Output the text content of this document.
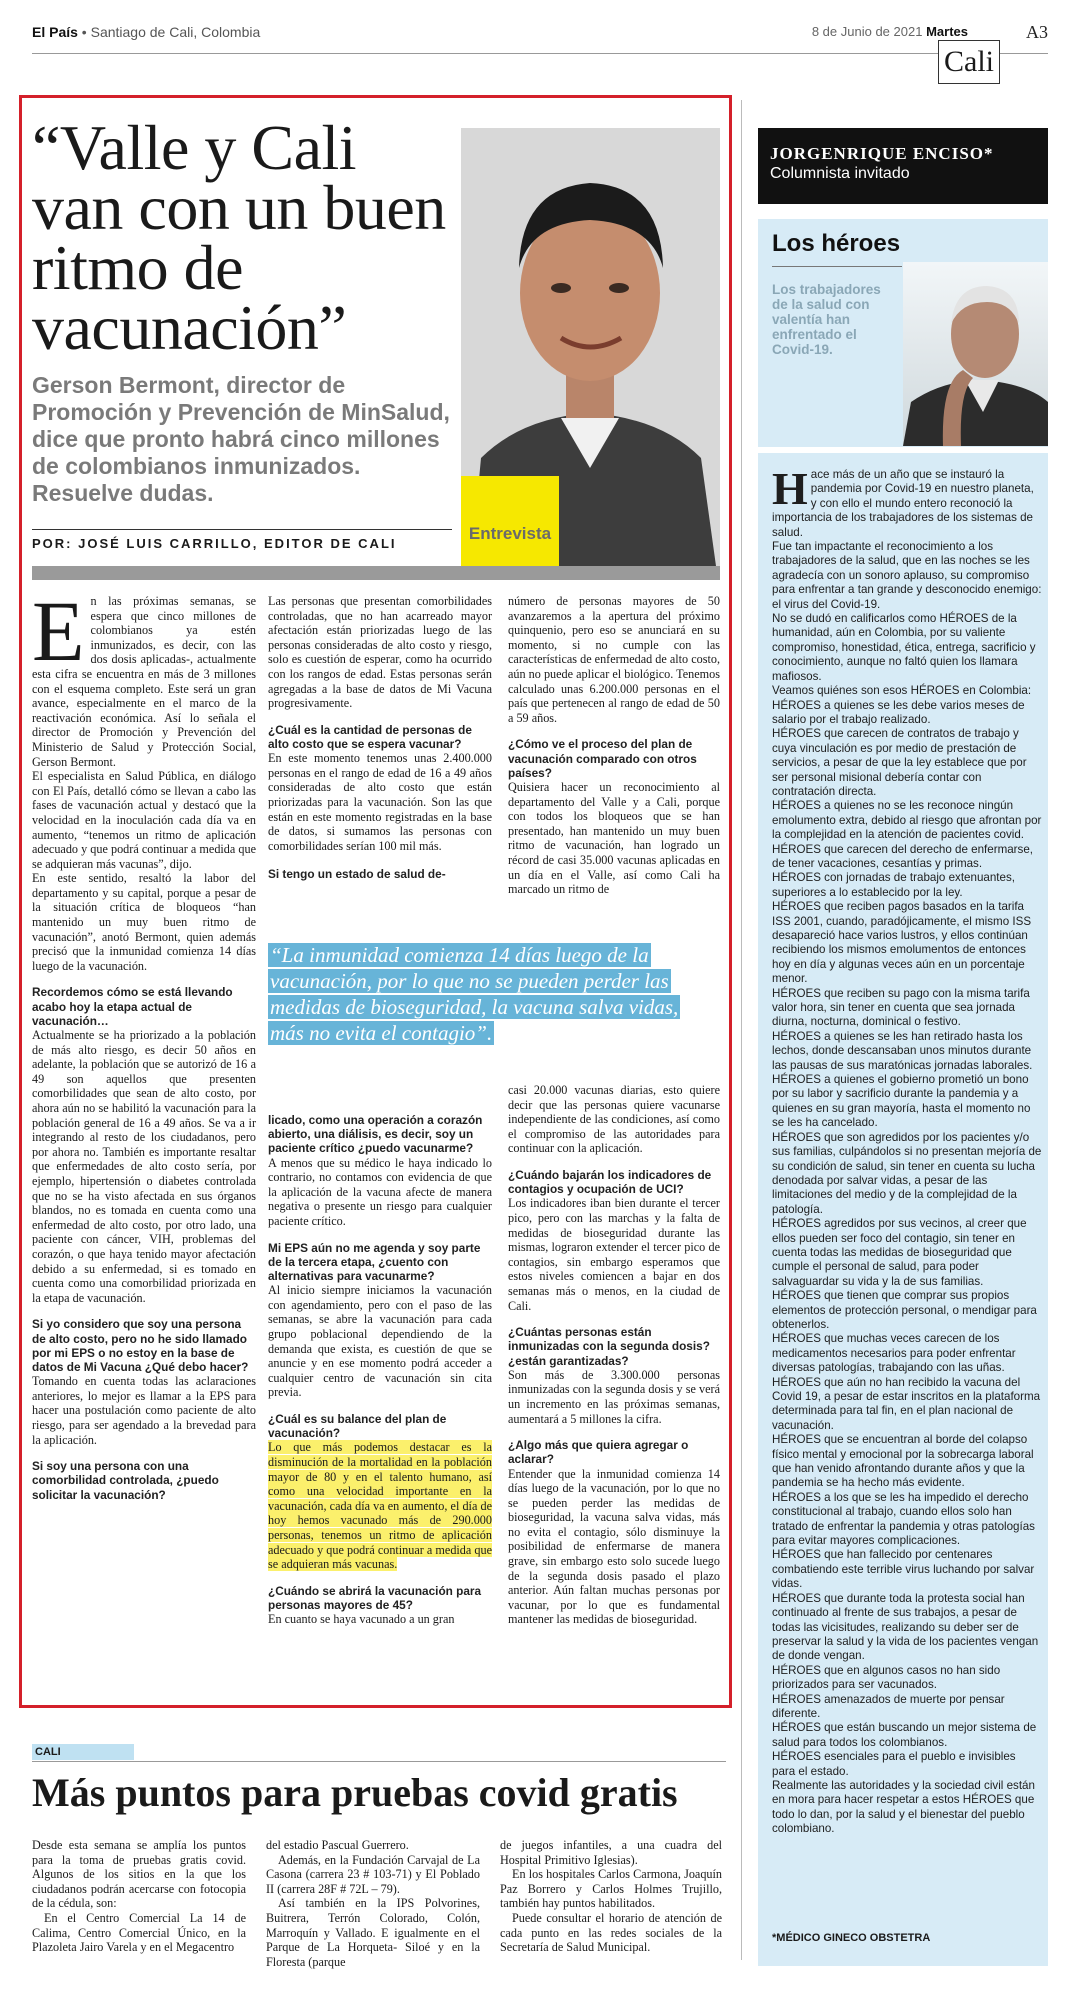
El País • Santiago de Cali, Colombia	8 de Junio de 2021 Martes	A3
Cali
“Valle y Cali van con un buen ritmo de vacunación”
Gerson Bermont, director de Promoción y Prevención de MinSalud, dice que pronto habrá cinco millones de colombianos inmunizados. Resuelve dudas.
POR: JOSÉ LUIS CARRILLO, EDITOR DE CALI
Entrevista
E n las próximas semanas, se espera que cinco millones de colombianos ya estén inmunizados, es decir, con las dos dosis aplicadas-, actualmente esta cifra se encuentra en más de 3 millones con el esquema completo. Este será un gran avance, especialmente en el marco de la reactivación económica. Así lo señala el director de Promoción y Prevención del Ministerio de Salud y Protección Social, Gerson Bermont.

El especialista en Salud Pública, en diálogo con El País, detalló cómo se llevan a cabo las fases de vacunación actual y destacó que la velocidad en la inoculación cada día va en aumento, “tenemos un ritmo de aplicación adecuado y que podrá continuar a medida que se adquieran más vacunas”, dijo.

En este sentido, resaltó la labor del departamento y su capital, porque a pesar de la situación crítica de bloqueos “han mantenido un muy buen ritmo de vacunación”, anotó Bermont, quien además precisó que la inmunidad comienza 14 días luego de la vacunación.

Recordemos cómo se está llevando acabo hoy la etapa actual de vacunación…

Actualmente se ha priorizado a la población de más alto riesgo, es decir 50 años en adelante, la población que se autorizó de 16 a 49 son aquellos que presenten comorbilidades que sean de alto costo, por ahora aún no se habilitó la vacunación para la población general de 16 a 49 años. Se va a ir integrando al resto de los ciudadanos, pero por ahora no. También es importante resaltar que enfermedades de alto costo sería, por ejemplo, hipertensión o diabetes controlada que no se ha visto afectada en sus órganos blandos, no es tomada en cuenta como una enfermedad de alto costo, por otro lado, una paciente con cáncer, VIH, problemas del corazón, o que haya tenido mayor afectación debido a su enfermedad, si es tomado en cuenta como una comorbilidad priorizada en la etapa de vacunación.

Si yo considero que soy una persona de alto costo, pero no he sido llamado por mi EPS o no estoy en la base de datos de Mi Vacuna ¿Qué debo hacer?

Tomando en cuenta todas las aclaraciones anteriores, lo mejor es llamar a la EPS para hacer una postulación como paciente de alto riesgo, para ser agendado a la brevedad para la aplicación.

Si soy una persona con una comorbilidad controlada, ¿puedo solicitar la vacunación?

Las personas que presentan comorbilidades controladas, que no han acarreado mayor afectación están priorizadas luego de las personas consideradas de alto costo y riesgo, solo es cuestión de esperar, como ha ocurrido con los rangos de edad. Estas personas serán agregadas a la base de datos de Mi Vacuna progresivamente.

¿Cuál es la cantidad de personas de alto costo que se espera vacunar?

En este momento tenemos unas 2.400.000 personas en el rango de edad de 16 a 49 años consideradas de alto costo que están priorizadas para la vacunación. Son las que están en este momento registradas en la base de datos, si sumamos las personas con comorbilidades serían 100 mil más.

Si tengo un estado de salud de-

número de personas mayores de 50 avanzaremos a la apertura del próximo quinquenio, pero eso se anunciará en su momento, si no cumple con las características de enfermedad de alto costo, aún no puede aplicar el biológico. Tenemos calculado unas 6.200.000 personas en el país que pertenecen al rango de edad de 50 a 59 años.

¿Cómo ve el proceso del plan de vacunación comparado con otros países?

Quisiera hacer un reconocimiento al departamento del Valle y a Cali, porque con todos los bloqueos que se han presentado, han mantenido un muy buen ritmo de vacunación, han logrado un récord de casi 35.000 vacunas aplicadas en un día en el Valle, así como Cali ha marcado un ritmo de

“La inmunidad comienza 14 días luego de la vacunación, por lo que no se pueden perder las medidas de bioseguridad, la vacuna salva vidas, más no evita el contagio”.

licado, como una operación a corazón abierto, una diálisis, es decir, soy un paciente crítico ¿puedo vacunarme?

A menos que su médico le haya indicado lo contrario, no contamos con evidencia de que la aplicación de la vacuna afecte de manera negativa o presente un riesgo para cualquier paciente crítico.

Mi EPS aún no me agenda y soy parte de la tercera etapa, ¿cuento con alternativas para vacunarme?

Al inicio siempre iniciamos la vacunación con agendamiento, pero con el paso de las semanas, se abre la vacunación para cada grupo poblacional dependiendo de la demanda que exista, es cuestión de que se anuncie y en ese momento podrá acceder a cualquier centro de vacunación sin cita previa.

¿Cuál es su balance del plan de vacunación?

Lo que más podemos destacar es la disminución de la mortalidad en la población mayor de 80 y en el talento humano, así como una velocidad importante en la vacunación, cada día va en aumento, el día de hoy hemos vacunado más de 290.000 personas, tenemos un ritmo de aplicación adecuado y que podrá continuar a medida que se adquieran más vacunas.

¿Cuándo se abrirá la vacunación para personas mayores de 45?

En cuanto se haya vacunado a un gran

casi 20.000 vacunas diarias, esto quiere decir que las personas quiere vacunarse independiente de las condiciones, así como el compromiso de las autoridades para continuar con la aplicación.

¿Cuándo bajarán los indicadores de contagios y ocupación de UCI?

Los indicadores iban bien durante el tercer pico, pero con las marchas y la falta de medidas de bioseguridad durante las mismas, lograron extender el tercer pico de contagios, sin embargo esperamos que estos niveles comiencen a bajar en dos semanas más o menos, en la ciudad de Cali.

¿Cuántas personas están inmunizadas con la segunda dosis? ¿están garantizadas?

Son más de 3.300.000 personas inmunizadas con la segunda dosis y se verá un incremento en las próximas semanas, aumentará a 5 millones la cifra.

¿Algo más que quiera agregar o aclarar?

Entender que la inmunidad comienza 14 días luego de la vacunación, por lo que no se pueden perder las medidas de bioseguridad, la vacuna salva vidas, más no evita el contagio, sólo disminuye la posibilidad de enfermarse de manera grave, sin embargo esto solo sucede luego de la segunda dosis pasado el plazo anterior. Aún faltan muchas personas por vacunar, por lo que es fundamental mantener las medidas de bioseguridad.

CALI
Más puntos para pruebas covid gratis

Desde esta semana se amplía los puntos para la toma de pruebas gratis covid. Algunos de los sitios en la que los ciudadanos podrán acercarse con fotocopia de la cédula, son:

En el Centro Comercial La 14 de Calima, Centro Comercial Único, en la Plazoleta Jairo Varela y en el Megacentro

del estadio Pascual Guerrero.

Además, en la Fundación Carvajal de La Casona (carrera 23 # 103-71) y El Poblado II (carrera 28F # 72L – 79).

Así también en la IPS Polvorines, Buitrera, Terrón Colorado, Colón, Marroquín y Vallado. E igualmente en el Parque de La Horqueta- Siloé y en la Floresta (parque

de juegos infantiles, a una cuadra del Hospital Primitivo Iglesias).

En los hospitales Carlos Carmona, Joaquín Paz Borrero y Carlos Holmes Trujillo, también hay puntos habilitados.

Puede consultar el horario de atención de cada punto en las redes sociales de la Secretaría de Salud Municipal.

JORGENRIQUE ENCISO*
Columnista invitado
Los héroes
Los trabajadores de la salud con valentía han enfrentado el Covid-19.
H ace más de un año que se instauró la pandemia por Covid-19 en nuestro planeta, y con ello el mundo entero reconoció la importancia de los trabajadores de los sistemas de salud.

Fue tan impactante el reconocimiento a los trabajadores de la salud, que en las noches se les agradecía con un sonoro aplauso, su compromiso para enfrentar a tan grande y desconocido enemigo: el virus del Covid-19.

No se dudó en calificarlos como HÉROES de la humanidad, aún en Colombia, por su valiente compromiso, honestidad, ética, entrega, sacrificio y conocimiento, aunque no faltó quien los llamara mafiosos.

Veamos quiénes son esos HÉROES en Colombia:

HÉROES a quienes se les debe varios meses de salario por el trabajo realizado.

HÉROES que carecen de contratos de trabajo y cuya vinculación es por medio de prestación de servicios, a pesar de que la ley establece que por ser personal misional debería contar con contratación directa.

HÉROES a quienes no se les reconoce ningún emolumento extra, debido al riesgo que afrontan por la complejidad en la atención de pacientes covid.

HÉROES que carecen del derecho de enfermarse, de tener vacaciones, cesantías y primas.

HÉROES con jornadas de trabajo extenuantes, superiores a lo establecido por la ley.

HÉROES que reciben pagos basados en la tarifa ISS 2001, cuando, paradójicamente, el mismo ISS desapareció hace varios lustros, y ellos continúan recibiendo los mismos emolumentos de entonces hoy en día y algunas veces aún en un porcentaje menor.

HÉROES que reciben su pago con la misma tarifa valor hora, sin tener en cuenta que sea jornada diurna, nocturna, dominical o festivo.

HÉROES a quienes se les han retirado hasta los lechos, donde descansaban unos minutos durante las pausas de sus maratónicas jornadas laborales.

HÉROES a quienes el gobierno prometió un bono por su labor y sacrificio durante la pandemia y a quienes en su gran mayoría, hasta el momento no se les ha cancelado.

HÉROES que son agredidos por los pacientes y/o sus familias, culpándolos si no presentan mejoría de su condición de salud, sin tener en cuenta su lucha denodada por salvar vidas, a pesar de las limitaciones del medio y de la complejidad de la patología.

HÉROES agredidos por sus vecinos, al creer que ellos pueden ser foco del contagio, sin tener en cuenta todas las medidas de bioseguridad que cumple el personal de salud, para poder salvaguardar su vida y la de sus familias.

HÉROES que tienen que comprar sus propios elementos de protección personal, o mendigar para obtenerlos.

HÉROES que muchas veces carecen de los medicamentos necesarios para poder enfrentar diversas patologías, trabajando con las uñas.

HÉROES que aún no han recibido la vacuna del Covid 19, a pesar de estar inscritos en la plataforma determinada para tal fin, en el plan nacional de vacunación.

HÉROES que se encuentran al borde del colapso físico mental y emocional por la sobrecarga laboral que han venido afrontando durante años y que la pandemia se ha hecho más evidente.

HÉROES a los que se les ha impedido el derecho constitucional al trabajo, cuando ellos solo han tratado de enfrentar la pandemia y otras patologías para evitar mayores complicaciones.

HÉROES que han fallecido por centenares combatiendo este terrible virus luchando por salvar vidas.

HÉROES que durante toda la protesta social han continuado al frente de sus trabajos, a pesar de todas las vicisitudes, realizando su deber ser de preservar la salud y la vida de los pacientes vengan de donde vengan.

HÉROES que en algunos casos no han sido priorizados para ser vacunados.

HÉROES amenazados de muerte por pensar diferente.

HÉROES que están buscando un mejor sistema de salud para todos los colombianos.

HÉROES esenciales para el pueblo e invisibles para el estado.

Realmente las autoridades y la sociedad civil están en mora para hacer respetar a estos HÉROES que todo lo dan, por la salud y el bienestar del pueblo colombiano.

*MÉDICO GINECO OBSTETRA
